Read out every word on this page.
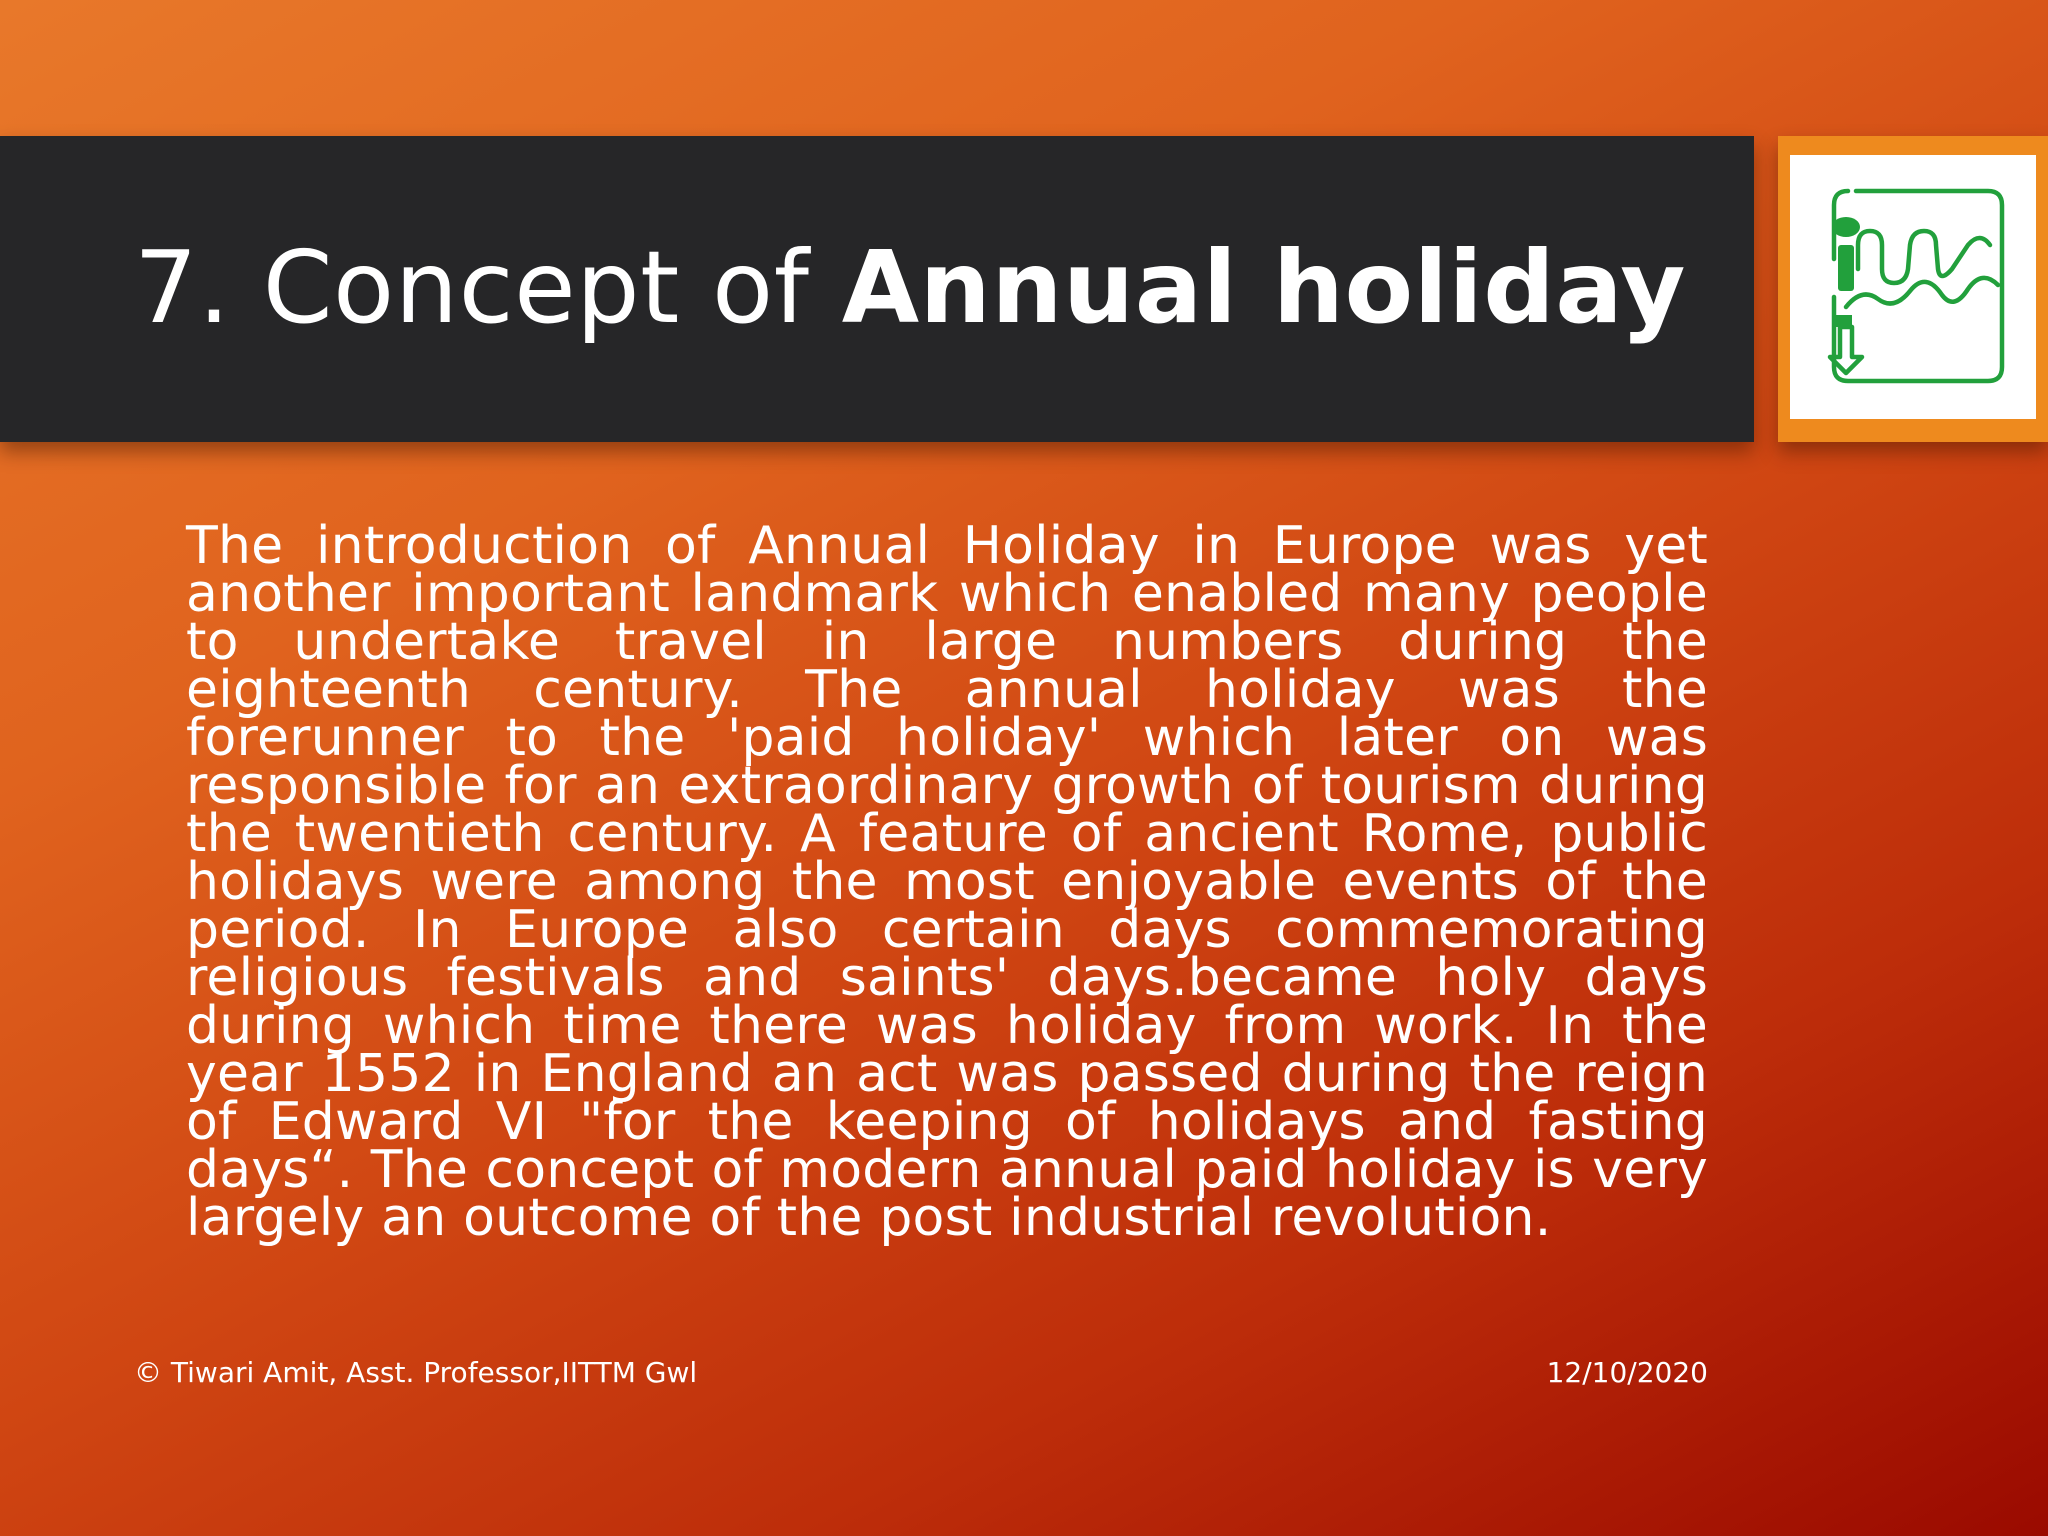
7. Concept of Annual holiday

The introduction of Annual Holiday in Europe was yet another important landmark which enabled many people to undertake travel in large numbers during the eighteenth century. The annual holiday was the forerunner to the 'paid holiday' which later on was responsible for an extraordinary growth of tourism during the twentieth century. A feature of ancient Rome, public holidays were among the most enjoyable events of the period. In Europe also certain days commemorating religious festivals and saints' days.became holy days during which time there was holiday from work. In the year 1552 in England an act was passed during the reign of Edward VI "for the keeping of holidays and fasting days“. The concept of modern annual paid holiday is very largely an outcome of the post industrial revolution.

© Tiwari Amit, Asst. Professor,IITTM Gwl	12/10/2020
